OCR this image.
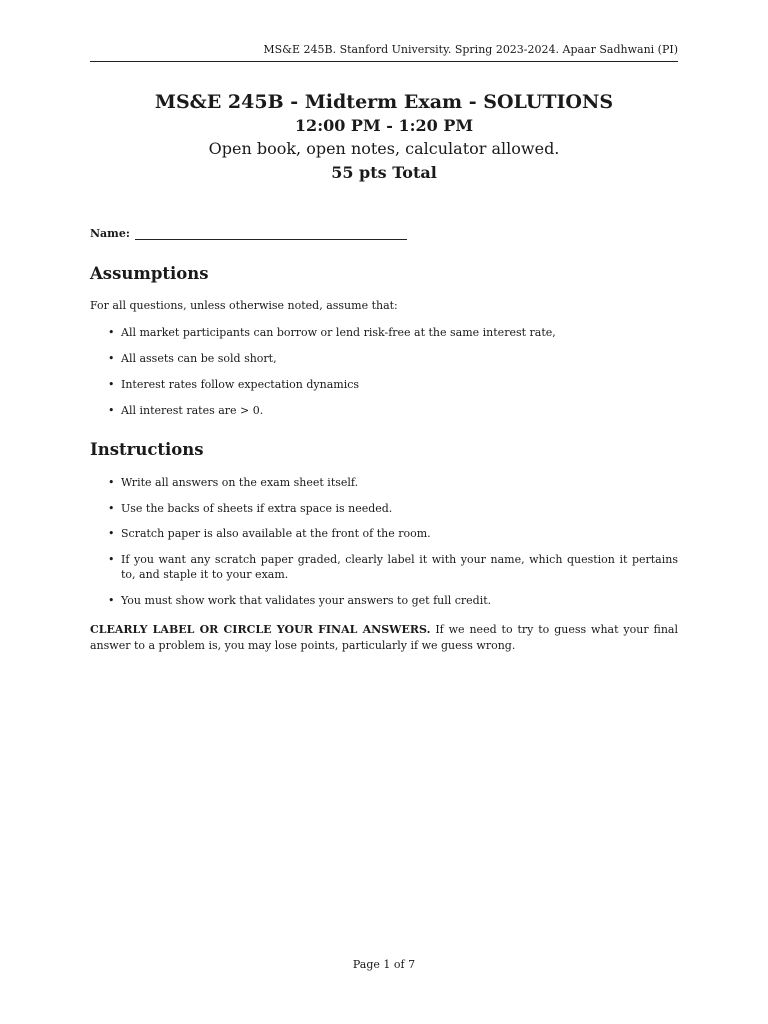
MS&E 245B. Stanford University. Spring 2023-2024. Apaar Sadhwani (PI)
MS&E 245B - Midterm Exam - SOLUTIONS
12:00 PM - 1:20 PM
Open book, open notes, calculator allowed.
55 pts Total
Name:
Assumptions
For all questions, unless otherwise noted, assume that:
• All market participants can borrow or lend risk-free at the same interest rate,
• All assets can be sold short,
• Interest rates follow expectation dynamics
• All interest rates are > 0.
Instructions
• Write all answers on the exam sheet itself.
• Use the backs of sheets if extra space is needed.
• Scratch paper is also available at the front of the room.
• If you want any scratch paper graded, clearly label it with your name, which question it pertains to, and staple it to your exam.
• You must show work that validates your answers to get full credit.

CLEARLY LABEL OR CIRCLE YOUR FINAL ANSWERS. If we need to try to guess what your final answer to a problem is, you may lose points, particularly if we guess wrong.

Page 1 of 7
